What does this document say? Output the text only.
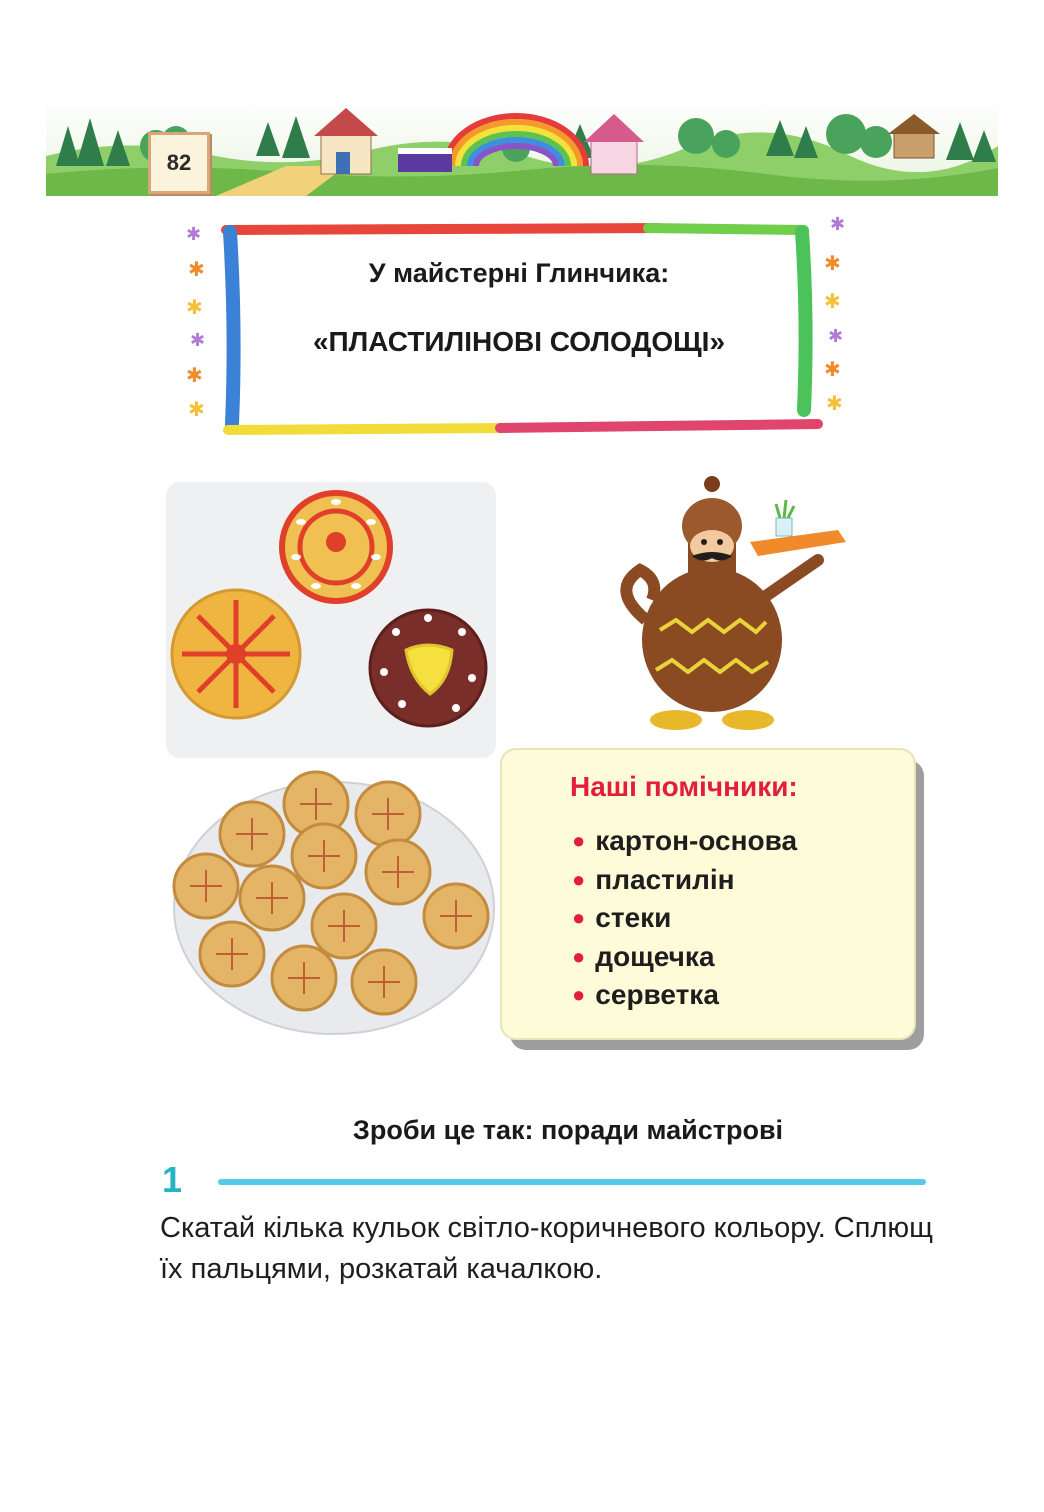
82
✱
✱
✱
✱
✱
✱
✱
✱
✱
✱
✱
✱
У майстерні Глинчика:
«ПЛАСТИЛІНОВІ СОЛОДОЩІ»
Наші помічники:
● картон-основа
● пластилін
● стеки
● дощечка
● серветка
Зроби це так: поради майстрові
1
Скатай кілька кульок світло-коричневого кольору. Сплющ їх пальцями, розкатай качалкою.
